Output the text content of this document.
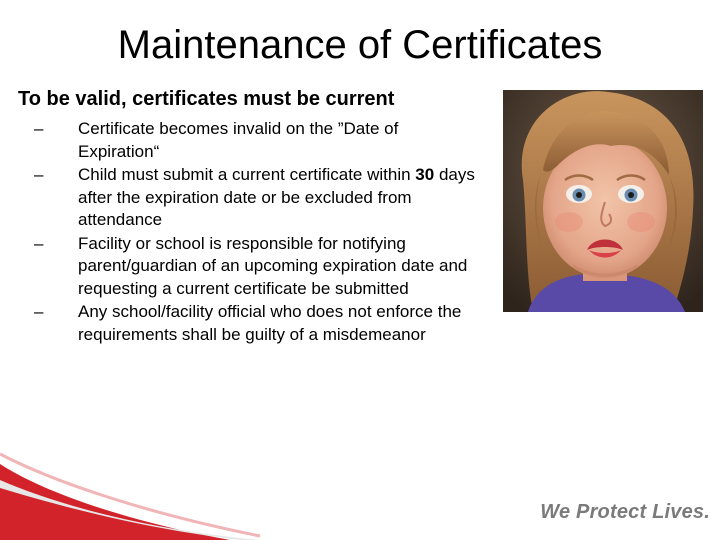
Maintenance of Certificates
To be valid, certificates must be current
–	Certificate becomes invalid on the ”Date of Expiration“
–	Child must submit a current certificate within 30 days after the expiration date or be excluded from attendance
–	Facility or school is responsible for notifying parent/guardian of an upcoming expiration date and requesting a current certificate be submitted
–	Any school/facility official who does not enforce the requirements shall be guilty of a misdemeanor
We Protect Lives.
